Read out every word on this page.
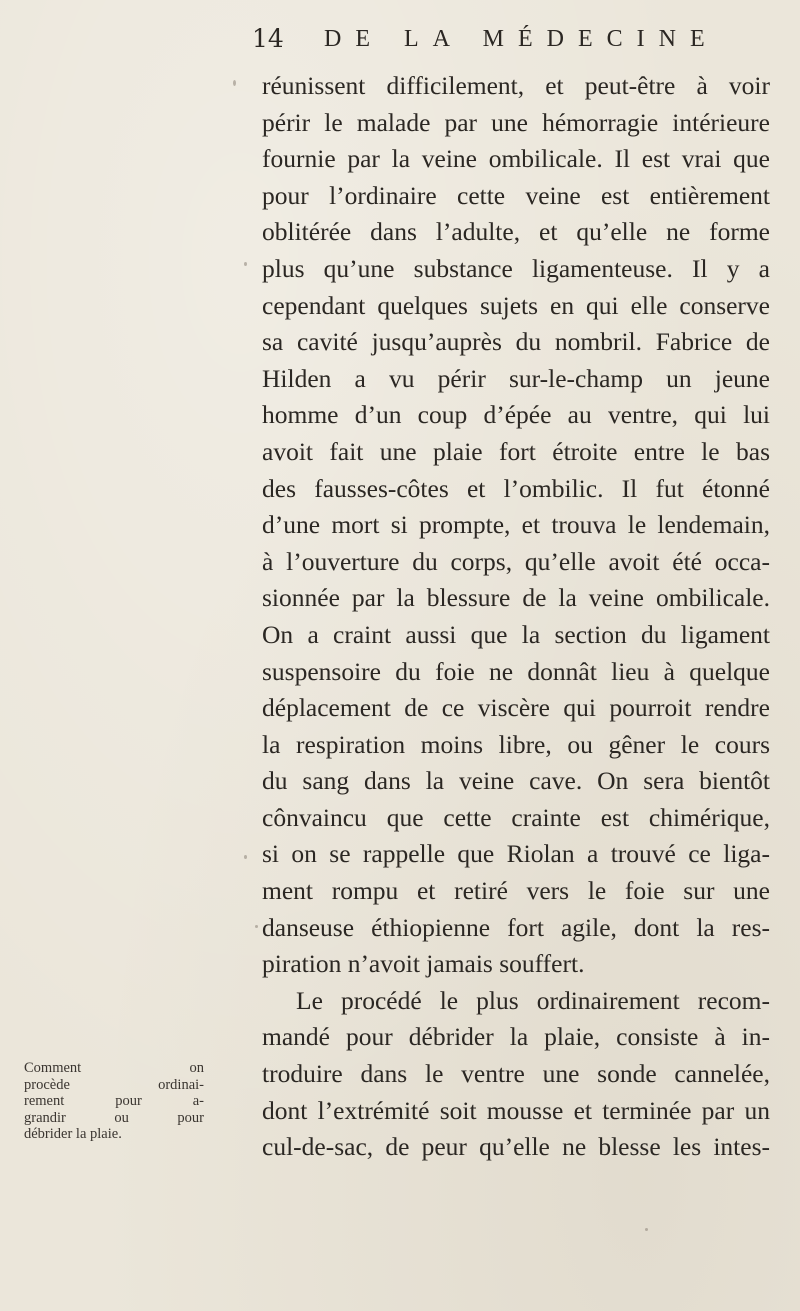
14 DE LA MÉDECINE
réunissent difficilement, et peut-être à voir
périr le malade par une hémorragie intérieure
fournie par la veine ombilicale. Il est vrai que
pour l’ordinaire cette veine est entièrement
oblitérée dans l’adulte, et qu’elle ne forme
plus qu’une substance ligamenteuse. Il y a
cependant quelques sujets en qui elle conserve
sa cavité jusqu’auprès du nombril. Fabrice de
Hilden a vu périr sur-le-champ un jeune
homme d’un coup d’épée au ventre, qui lui
avoit fait une plaie fort étroite entre le bas
des fausses-côtes et l’ombilic. Il fut étonné
d’une mort si prompte, et trouva le lendemain,
à l’ouverture du corps, qu’elle avoit été occa-
sionnée par la blessure de la veine ombilicale.
On a craint aussi que la section du ligament
suspensoire du foie ne donnât lieu à quelque
déplacement de ce viscère qui pourroit rendre
la respiration moins libre, ou gêner le cours
du sang dans la veine cave. On sera bientôt
cônvaincu que cette crainte est chimérique,
si on se rappelle que Riolan a trouvé ce liga-
ment rompu et retiré vers le foie sur une
danseuse éthiopienne fort agile, dont la res-
piration n’avoit jamais souffert.
Le procédé le plus ordinairement recom-
mandé pour débrider la plaie, consiste à in-
troduire dans le ventre une sonde cannelée,
dont l’extrémité soit mousse et terminée par un
cul-de-sac, de peur qu’elle ne blesse les intes-
Comment on
procède ordinai-
rement pour a-
grandir ou pour
débrider la plaie.
